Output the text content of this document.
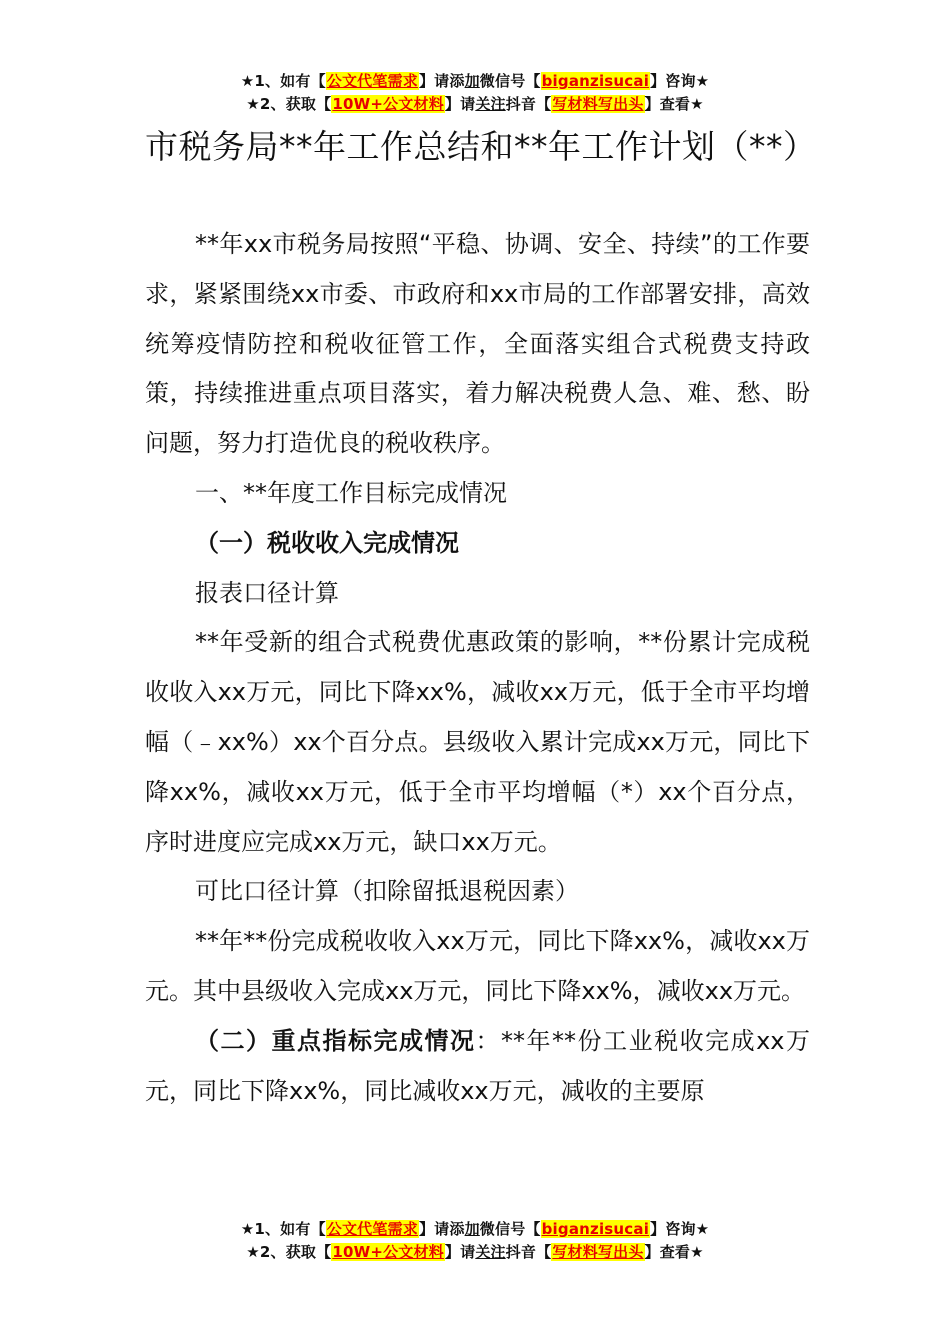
★1、如有【公文代笔需求】请添加微信号【biganzisucai】咨询★
★2、获取【10W+公文材料】请关注抖音【写材料写出头】查看★
市税务局**年工作总结和**年工作计划（**）

**年xx市税务局按照“平稳、协调、安全、持续”的工作要求，紧紧围绕xx市委、市政府和xx市局的工作部署安排，高效统筹疫情防控和税收征管工作，全面落实组合式税费支持政策，持续推进重点项目落实，着力解决税费人急、难、愁、盼问题，努力打造优良的税收秩序。

一、**年度工作目标完成情况

（一）税收收入完成情况

报表口径计算

**年受新的组合式税费优惠政策的影响，**份累计完成税收收入xx万元，同比下降xx%，减收xx万元，低于全市平均增幅（﹣xx%）xx个百分点。县级收入累计完成xx万元，同比下降xx%，减收xx万元，低于全市平均增幅（*）xx个百分点，序时进度应完成xx万元，缺口xx万元。

可比口径计算（扣除留抵退税因素）

**年**份完成税收收入xx万元，同比下降xx%，减收xx万元。其中县级收入完成xx万元，同比下降xx%，减收xx万元。

（二）重点指标完成情况：**年**份工业税收完成xx万元，同比下降xx%，同比减收xx万元，减收的主要原

★1、如有【公文代笔需求】请添加微信号【biganzisucai】咨询★
★2、获取【10W+公文材料】请关注抖音【写材料写出头】查看★
